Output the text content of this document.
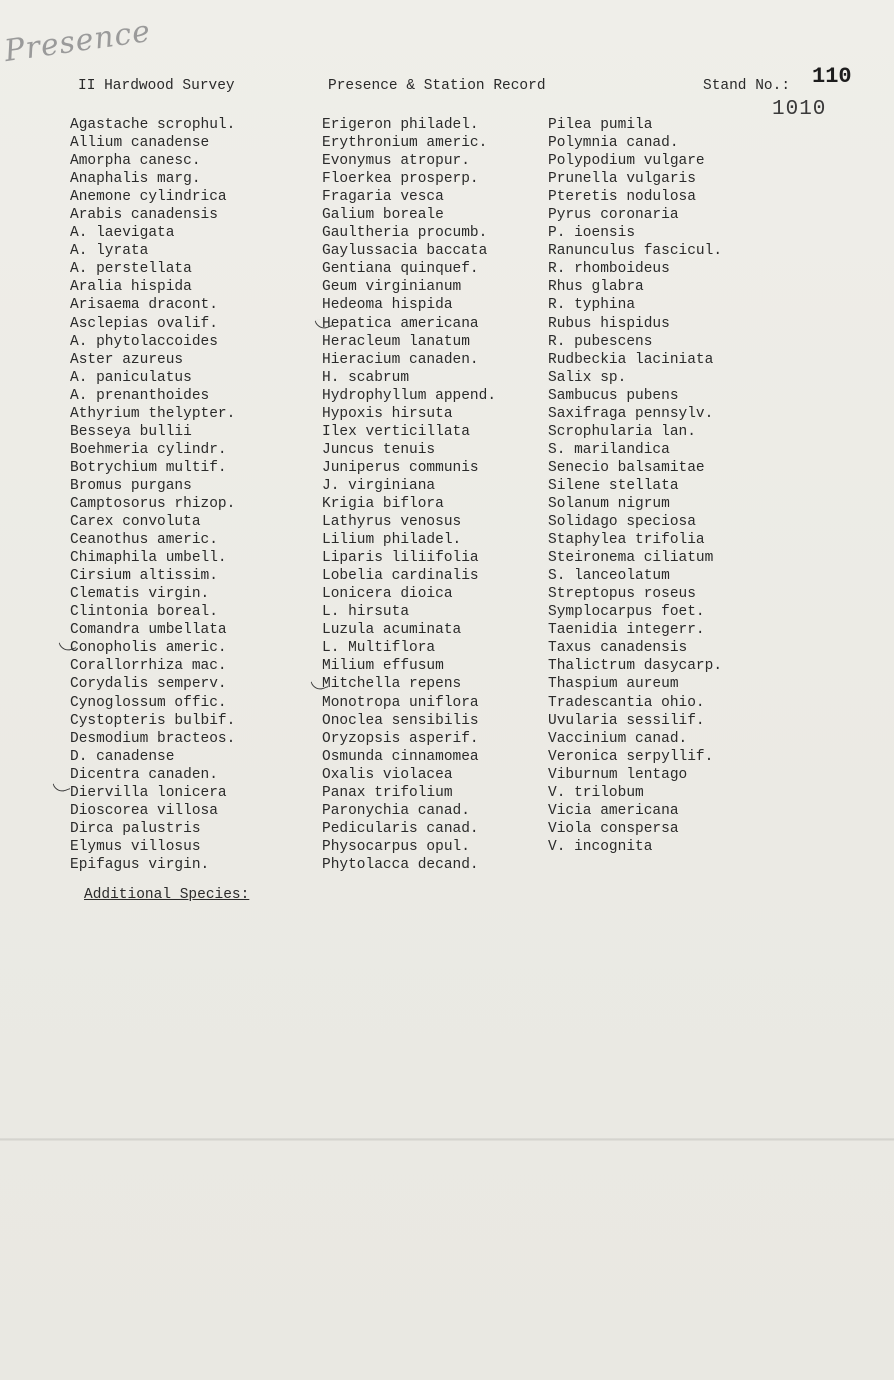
Presence
II Hardwood Survey	Presence & Station Record	Stand No.: 110
1010
Agastache scrophul.
Allium canadense
Amorpha canesc.
Anaphalis marg.
Anemone cylindrica
Arabis canadensis
A. laevigata
A. lyrata
A. perstellata
Aralia hispida
Arisaema dracont.
Asclepias ovalif.
A. phytolaccoides
Aster azureus
A. paniculatus
A. prenanthoides
Athyrium thelypter.
Besseya bullii
Boehmeria cylindr.
Botrychium multif.
Bromus purgans
Camptosorus rhizop.
Carex convoluta
Ceanothus americ.
Chimaphila umbell.
Cirsium altissim.
Clematis virgin.
Clintonia boreal.
Comandra umbellata
Conopholis americ.
Corallorrhiza mac.
Corydalis semperv.
Cynoglossum offic.
Cystopteris bulbif.
Desmodium bracteos.
D. canadense
Dicentra canaden.
Diervilla lonicera
Dioscorea villosa
Dirca palustris
Elymus villosus
Epifagus virgin.
Erigeron philadel.
Erythronium americ.
Evonymus atropur.
Floerkea prosperp.
Fragaria vesca
Galium boreale
Gaultheria procumb.
Gaylussacia baccata
Gentiana quinquef.
Geum virginianum
Hedeoma hispida
Hepatica americana
Heracleum lanatum
Hieracium canaden.
H. scabrum
Hydrophyllum append.
Hypoxis hirsuta
Ilex verticillata
Juncus tenuis
Juniperus communis
J. virginiana
Krigia biflora
Lathyrus venosus
Lilium philadel.
Liparis liliifolia
Lobelia cardinalis
Lonicera dioica
L. hirsuta
Luzula acuminata
L. Multiflora
Milium effusum
Mitchella repens
Monotropa uniflora
Onoclea sensibilis
Oryzopsis asperif.
Osmunda cinnamomea
Oxalis violacea
Panax trifolium
Paronychia canad.
Pedicularis canad.
Physocarpus opul.
Phytolacca decand.
Pilea pumila
Polymnia canad.
Polypodium vulgare
Prunella vulgaris
Pteretis nodulosa
Pyrus coronaria
P. ioensis
Ranunculus fascicul.
R. rhomboideus
Rhus glabra
R. typhina
Rubus hispidus
R. pubescens
Rudbeckia laciniata
Salix sp.
Sambucus pubens
Saxifraga pennsylv.
Scrophularia lan.
S. marilandica
Senecio balsamitae
Silene stellata
Solanum nigrum
Solidago speciosa
Staphylea trifolia
Steironema ciliatum
S. lanceolatum
Streptopus roseus
Symplocarpus foet.
Taenidia integerr.
Taxus canadensis
Thalictrum dasycarp.
Thaspium aureum
Tradescantia ohio.
Uvularia sessilif.
Vaccinium canad.
Veronica serpyllif.
Viburnum lentago
V. trilobum
Vicia americana
Viola conspersa
V. incognita
Additional Species:
